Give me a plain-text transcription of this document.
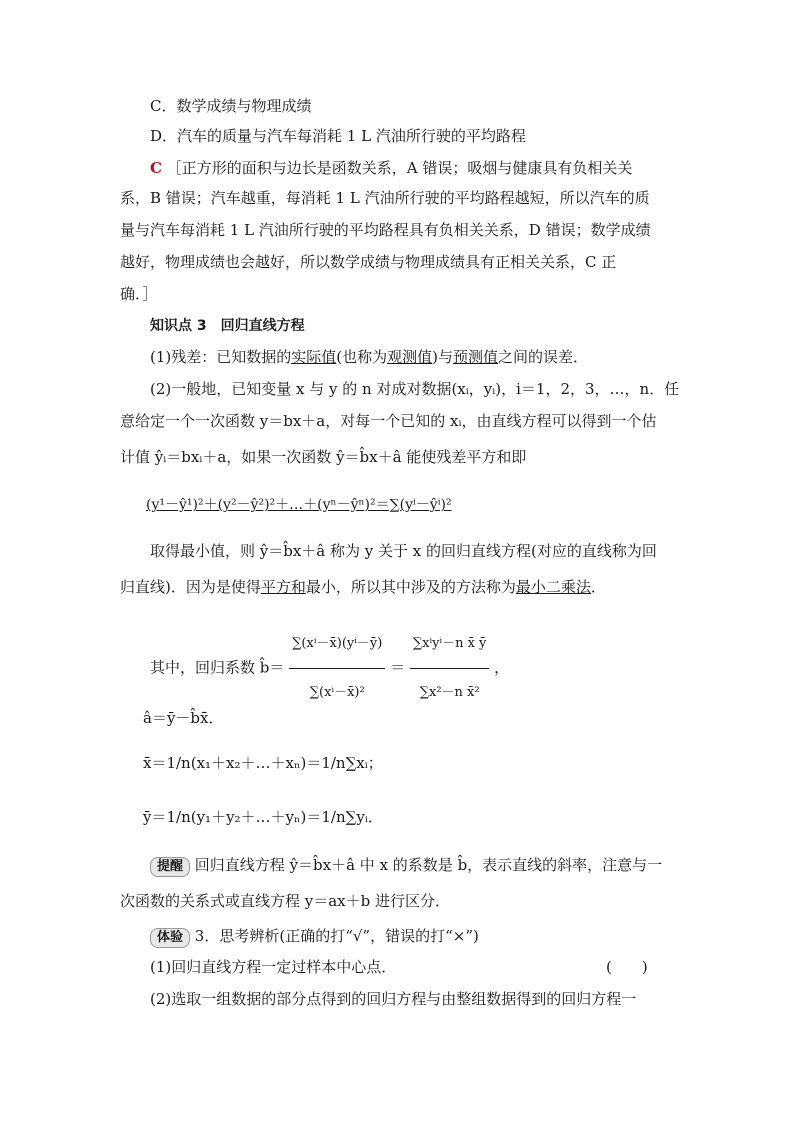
C．数学成绩与物理成绩
D．汽车的质量与汽车每消耗 1 L 汽油所行驶的平均路程
C ［正方形的面积与边长是函数关系，A 错误；吸烟与健康具有负相关关
系，B 错误；汽车越重，每消耗 1 L 汽油所行驶的平均路程越短，所以汽车的质
量与汽车每消耗 1 L 汽油所行驶的平均路程具有负相关关系，D 错误；数学成绩
越好，物理成绩也会越好，所以数学成绩与物理成绩具有正相关关系，C 正
确．］
知识点 3　回归直线方程
(1)残差：已知数据的实际值(也称为观测值)与预测值之间的误差．
(2)一般地，已知变量 x 与 y 的 n 对成对数据(xᵢ，yᵢ)，i＝1，2，3，…，n．任
意给定一个一次函数 y＝bx＋a，对每一个已知的 xᵢ，由直线方程可以得到一个估
计值 ŷᵢ＝bxᵢ＋a，如果一次函数 ŷ＝b̂x＋â 能使残差平方和即
(y¹－ŷ¹)²＋(y²－ŷ²)²＋…＋(yⁿ－ŷⁿ)²＝∑(yⁱ－ŷⁱ)²
取得最小值，则 ŷ＝b̂x＋â 称为 y 关于 x 的回归直线方程(对应的直线称为回
归直线)．因为是使得平方和最小，所以其中涉及的方法称为最小二乘法．
其中，回归系数 b̂＝ $\frac{\text{∑(xⁱ－x̄)(yⁱ－ȳ)}}{\text{∑(xⁱ－x̄)²}} = \frac{\text{∑xⁱyⁱ－n x̄ ȳ}}{\text{∑x²－n x̄²}}$ ，
â＝ȳ－b̂x̄．
x̄＝1/n(x₁＋x₂＋…＋xₙ)＝1/n∑xᵢ；
ȳ＝1/n(y₁＋y₂＋…＋yₙ)＝1/n∑yᵢ．
提醒 回归直线方程 ŷ＝b̂x＋â 中 x 的系数是 b̂，表示直线的斜率，注意与一
次函数的关系式或直线方程 y＝ax＋b 进行区分．
体验 3．思考辨析(正确的打“√”，错误的打“×”)
(1)回归直线方程一定过样本中心点．	(　　)
(2)选取一组数据的部分点得到的回归方程与由整组数据得到的回归方程一
